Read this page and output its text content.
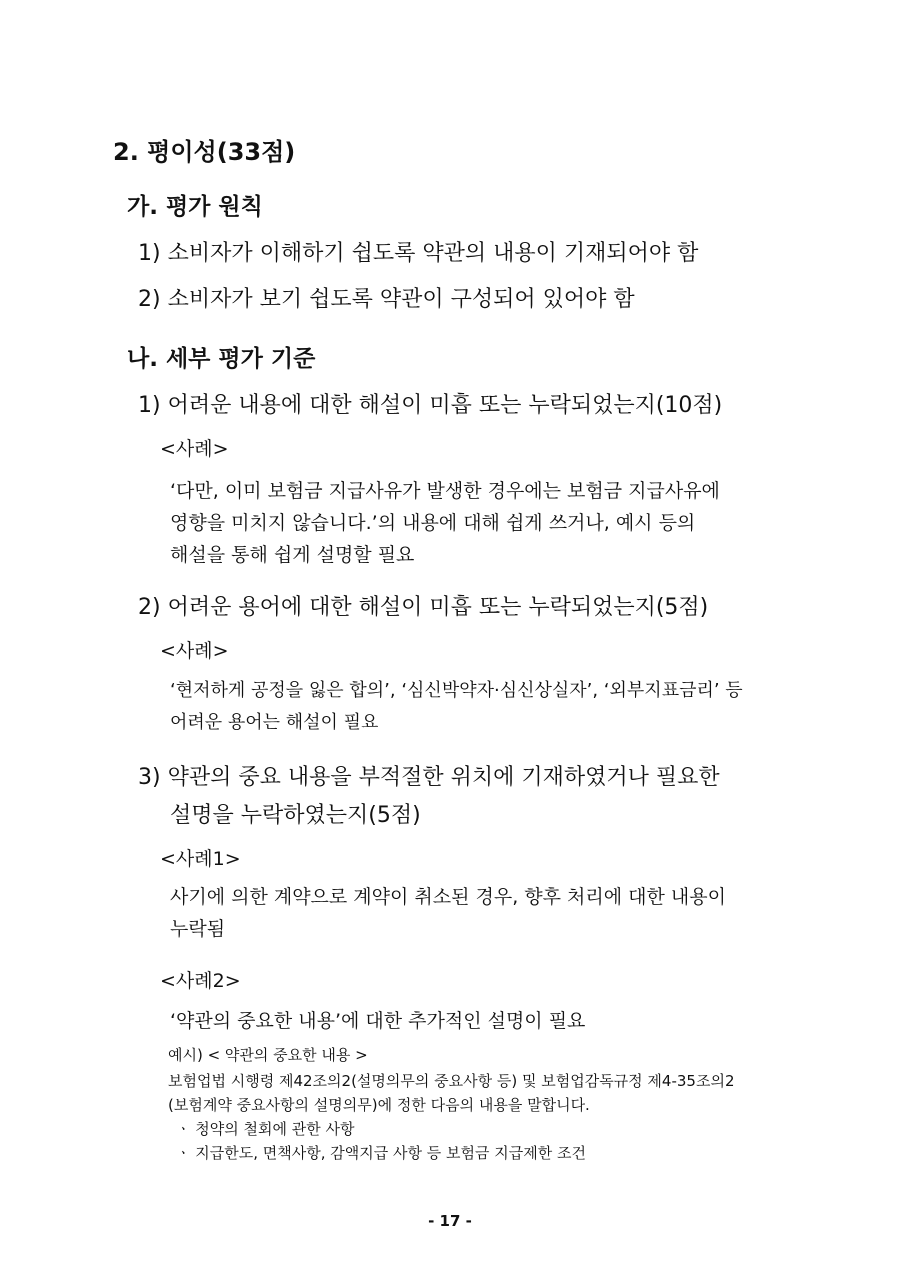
2. 평이성(33점)

가. 평가 원칙

1) 소비자가 이해하기 쉽도록 약관의 내용이 기재되어야 함

2) 소비자가 보기 쉽도록 약관이 구성되어 있어야 함

나. 세부 평가 기준

1) 어려운 내용에 대한 해설이 미흡 또는 누락되었는지(10점)

<사례>

‘다만, 이미 보험금 지급사유가 발생한 경우에는 보험금 지급사유에

영향을 미치지 않습니다.’의 내용에 대해 쉽게 쓰거나, 예시 등의

해설을 통해 쉽게 설명할 필요

2) 어려운 용어에 대한 해설이 미흡 또는 누락되었는지(5점)

<사례>

‘현저하게 공정을 잃은 합의’, ‘심신박약자·심신상실자’, ‘외부지표금리’ 등

어려운 용어는 해설이 필요

3) 약관의 중요 내용을 부적절한 위치에 기재하였거나 필요한

설명을 누락하였는지(5점)

<사례1>

사기에 의한 계약으로 계약이 취소된 경우, 향후 처리에 대한 내용이

누락됨

<사례2>

‘약관의 중요한 내용’에 대한 추가적인 설명이 필요

예시) < 약관의 중요한 내용 >

보험업법 시행령 제42조의2(설명의무의 중요사항 등) 및 보험업감독규정 제4-35조의2

(보험계약 중요사항의 설명의무)에 정한 다음의 내용을 말합니다.

ㆍ 청약의 철회에 관한 사항

ㆍ 지급한도, 면책사항, 감액지급 사항 등 보험금 지급제한 조건

- 17 -
